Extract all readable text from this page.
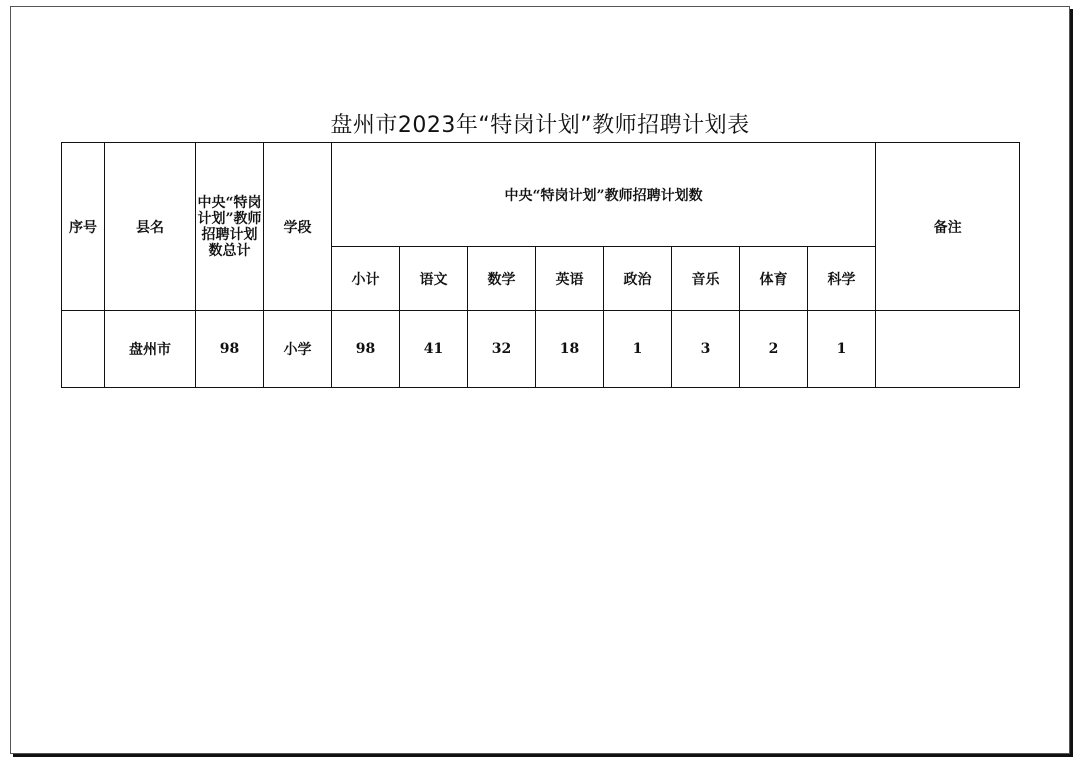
盘州市2023年“特岗计划”教师招聘计划表
序号	县名	中央“特岗计划”教师招聘计划数总计	学段	中央“特岗计划”教师招聘计划数								备注
				小计	语文	数学	英语	政治	音乐	体育	科学	
	盘州市	98	小学	98	41	32	18	1	3	2	1	
